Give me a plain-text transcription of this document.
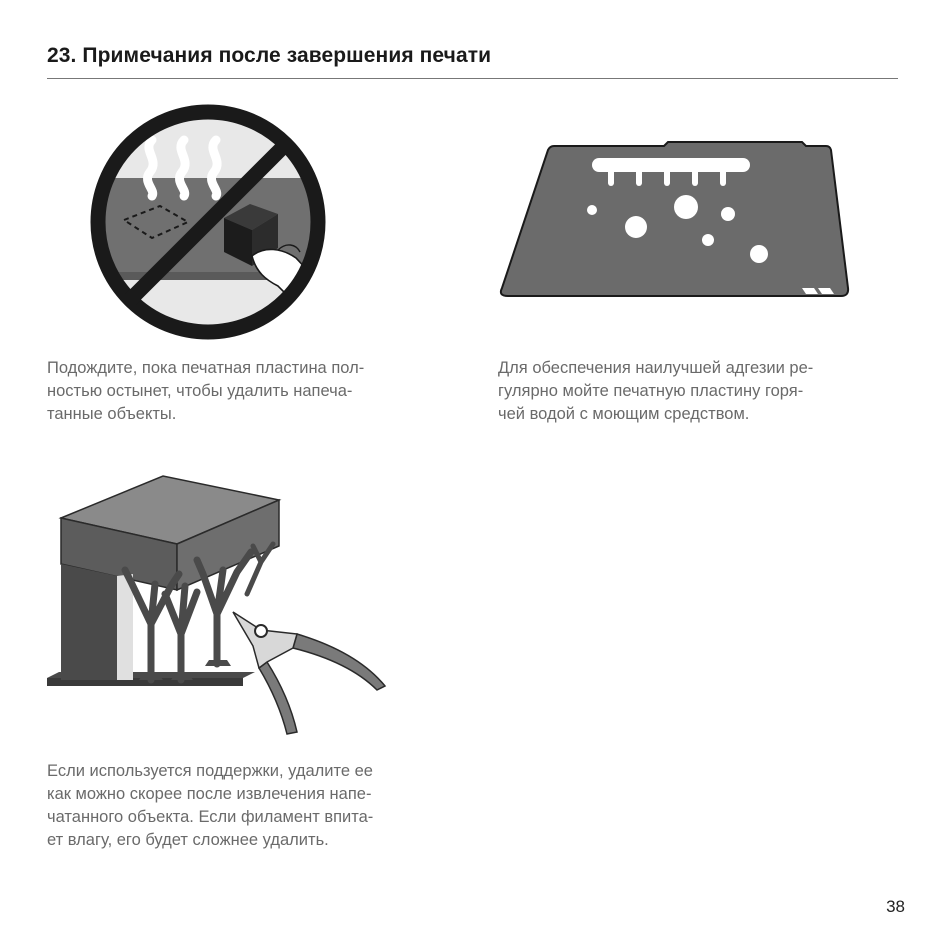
23. Примечания после завершения печати

Подождите, пока печатная пластина пол-
ностью остынет, чтобы удалить напеча-
танные объекты.

Для обеспечения наилучшей адгезии ре-
гулярно мойте печатную пластину горя-
чей водой с моющим средством.

Если используется поддержки, удалите ее
как можно скорее после извлечения напе-
чатанного объекта. Если филамент впита-
ет влагу, его будет сложнее удалить.

38
